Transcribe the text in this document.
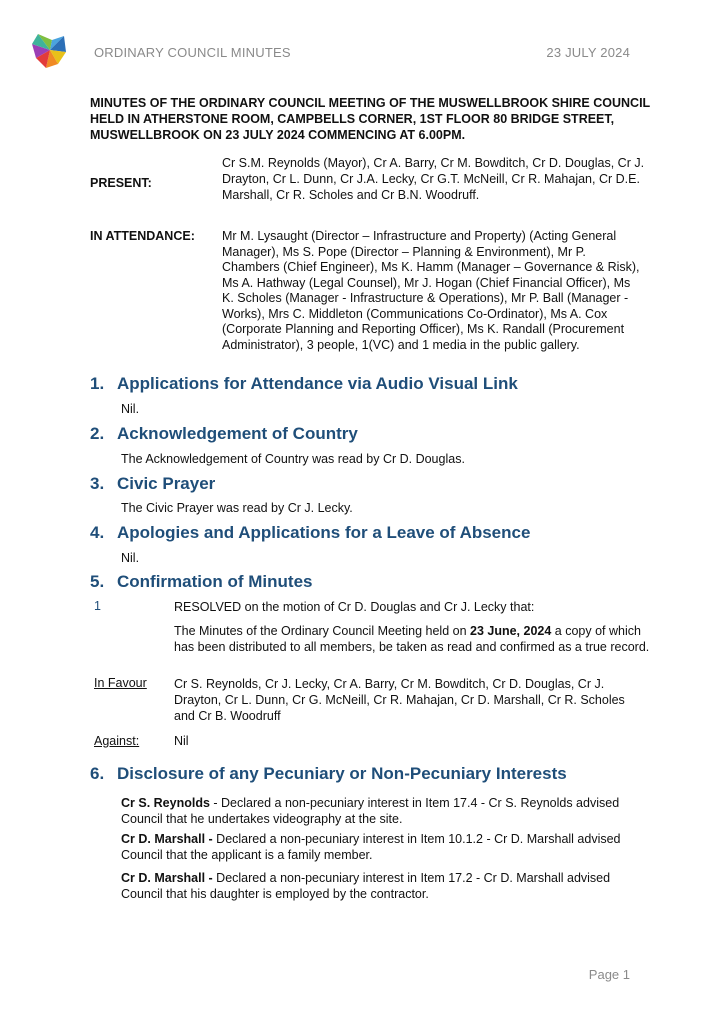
ORDINARY COUNCIL MINUTES	23 JULY 2024
MINUTES OF THE ORDINARY COUNCIL MEETING OF THE MUSWELLBROOK SHIRE COUNCIL HELD IN ATHERSTONE ROOM, CAMPBELLS CORNER, 1ST FLOOR 80 BRIDGE STREET, MUSWELLBROOK ON 23 JULY 2024 COMMENCING AT 6.00PM.
PRESENT:
Cr S.M. Reynolds (Mayor), Cr A. Barry, Cr M. Bowditch, Cr D. Douglas, Cr J. Drayton, Cr L. Dunn, Cr J.A. Lecky, Cr G.T. McNeill, Cr R. Mahajan, Cr D.E. Marshall, Cr R. Scholes and Cr B.N. Woodruff.
IN ATTENDANCE: Mr M. Lysaught (Director – Infrastructure and Property) (Acting General Manager), Ms S. Pope (Director – Planning & Environment), Mr P. Chambers (Chief Engineer), Ms K. Hamm (Manager – Governance & Risk), Ms A. Hathway (Legal Counsel), Mr J. Hogan (Chief Financial Officer), Ms K. Scholes (Manager - Infrastructure & Operations), Mr P. Ball (Manager - Works), Mrs C. Middleton (Communications Co-Ordinator), Ms A. Cox (Corporate Planning and Reporting Officer), Ms K. Randall (Procurement Administrator), 3 people, 1(VC) and 1 media in the public gallery.
1. Applications for Attendance via Audio Visual Link
Nil.
2. Acknowledgement of Country
The Acknowledgement of Country was read by Cr D. Douglas.
3. Civic Prayer
The Civic Prayer was read by Cr J. Lecky.
4. Apologies and Applications for a Leave of Absence
Nil.
5. Confirmation of Minutes
1	RESOLVED on the motion of Cr D. Douglas and Cr J. Lecky that:
The Minutes of the Ordinary Council Meeting held on 23 June, 2024 a copy of which has been distributed to all members, be taken as read and confirmed as a true record.
In Favour Cr S. Reynolds, Cr J. Lecky, Cr A. Barry, Cr M. Bowditch, Cr D. Douglas, Cr J. Drayton, Cr L. Dunn, Cr G. McNeill, Cr R. Mahajan, Cr D. Marshall, Cr R. Scholes and Cr B. Woodruff
Against:	Nil
6. Disclosure of any Pecuniary or Non-Pecuniary Interests
Cr S. Reynolds - Declared a non-pecuniary interest in Item 17.4 - Cr S. Reynolds advised Council that he undertakes videography at the site.
Cr D. Marshall - Declared a non-pecuniary interest in Item 10.1.2 - Cr D. Marshall advised Council that the applicant is a family member.
Cr D. Marshall - Declared a non-pecuniary interest in Item 17.2 - Cr D. Marshall advised Council that his daughter is employed by the contractor.
Page 1
